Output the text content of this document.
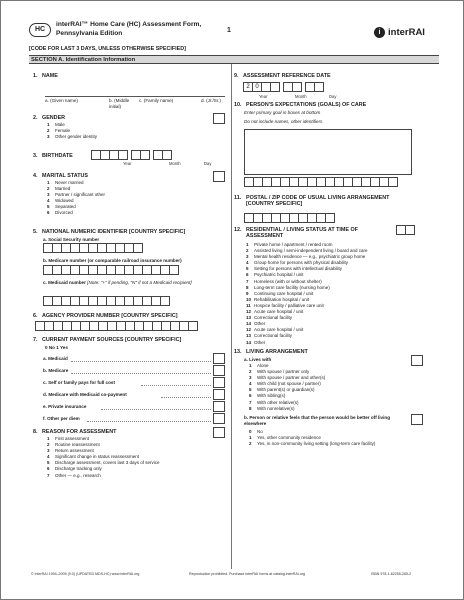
HC
interRAI™ Home Care (HC) Assessment Form,
Pennsylvania Edition	1	i interRAI
[CODE FOR LAST 3 DAYS, UNLESS OTHERWISE SPECIFIED]
SECTION A. Identification Information
1. NAME
a. (Given name)	b. (Middle initial)
c. (Family name)	d. (Jr./Sr.)
2. GENDER
1 Male
2 Female
3 Other gender identity
3. BIRTHDATE
Year	Month	Day
4. MARITAL STATUS
1 Never married
2 Married
3 Partner / significant other
4 Widowed
5 Separated
6 Divorced
5. NATIONAL NUMERIC IDENTIFIER [COUNTRY SPECIFIC]
a. Social Security number
b. Medicare number (or comparable railroad insurance number)
c. Medicaid number [Note: "+" if pending, "N" if not a Medicaid recipient]
6. AGENCY PROVIDER NUMBER [COUNTRY SPECIFIC]
7. CURRENT PAYMENT SOURCES [COUNTRY SPECIFIC]
0 No 1 Yes
a. Medicaid
b. Medicare
c. Self or family pays for full cost
d. Medicare with Medicaid co-payment
e. Private insurance
f. Other per diem
8. REASON FOR ASSESSMENT
1 First assessment
2 Routine reassessment
3 Return assessment
4 Significant change in status reassessment
5 Discharge assessment, covers last 3 days of service
6 Discharge tracking only
7 Other — e.g., research
9. ASSESSMENT REFERENCE DATE
2 0
Year	Month	Day
10. PERSON'S EXPECTATIONS (GOALS) OF CARE
Enter primary goal in boxes at bottom
Do not include names, other identifiers
11. POSTAL / ZIP CODE OF USUAL LIVING ARRANGEMENT
[COUNTRY SPECIFIC]
12. RESIDENTIAL / LIVING STATUS AT TIME OF
ASSESSMENT
1 Private home / apartment / rented room
2 Assisted living / semi-independent living / board and care
3 Mental health residence — e.g., psychiatric group home
4 Group home for persons with physical disability
5 Setting for persons with intellectual disability
6 Psychiatric hospital / unit
7 Homeless (with or without shelter)
8 Long-term care facility (nursing home)
9 Continuing care hospital / unit
10 Rehabilitation hospital / unit
11 Hospice facility / palliative care unit
12 Acute care hospital / unit
13 Correctional facility
14 Other
12 Acute care hospital / unit
13 Correctional facility
14 Other
13. LIVING ARRANGEMENT
a. Lives with
1 Alone
2 With spouse / partner only
3 With spouse / partner and other(s)
4 With child (not spouse / partner)
5 With parent(s) or guardian(s)
6 With sibling(s)
7 With other relative(s)
8 With nonrelative(s)
b. Person or relative feels that the person would be better off living elsewhere
0 No
1 Yes, other community residence
2 Yes, in non-community living setting (long-term care facility)
© interRAI 1994–2009 (9.0) (UPDATED MDS-HC) www.interRAI.org	Reproduction prohibited. Purchase interRAI forms at catalog.interRAI.org	ISBN 978-1-62255-265-2
